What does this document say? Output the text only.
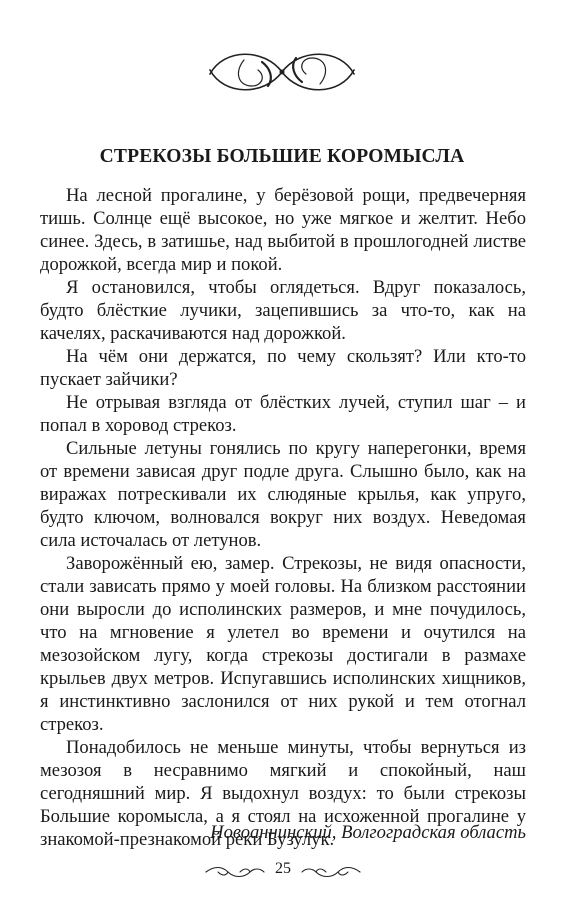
СТРЕКОЗЫ БОЛЬШИЕ КОРОМЫСЛА

На лесной прогалине, у берёзовой рощи, предвечерняя тишь. Солнце ещё высокое, но уже мягкое и желтит. Небо синее. Здесь, в затишье, над выбитой в прошлогодней листве дорожкой, всегда мир и покой.

Я остановился, чтобы оглядеться. Вдруг показалось, будто блёсткие лучики, зацепившись за что-то, как на качелях, раскачиваются над дорожкой.

На чём они держатся, по чему скользят? Или кто-то пускает зайчики?

Не отрывая взгляда от блёстких лучей, ступил шаг – и попал в хоровод стрекоз.

Сильные летуны гонялись по кругу наперегонки, время от времени зависая друг подле друга. Слышно было, как на виражах потрескивали их слюдяные крылья, как упруго, будто ключом, волновался вокруг них воздух. Неведомая сила источалась от летунов.

Заворожённый ею, замер. Стрекозы, не видя опасности, стали зависать прямо у моей головы. На близком расстоянии они выросли до исполинских размеров, и мне почудилось, что на мгновение я улетел во времени и очутился на мезозойском лугу, когда стрекозы достигали в размахе крыльев двух метров. Испугавшись исполинских хищников, я инстинктивно заслонился от них рукой и тем отогнал стрекоз.

Понадобилось не меньше минуты, чтобы вернуться из мезозоя в несравнимо мягкий и спокойный, наш сегодняшний мир. Я выдохнул воздух: то были стрекозы Большие коромысла, а я стоял на исхоженной прогалине у знакомой-презнакомой реки Бузулук.

Новоаннинский, Волгоградская область

25
